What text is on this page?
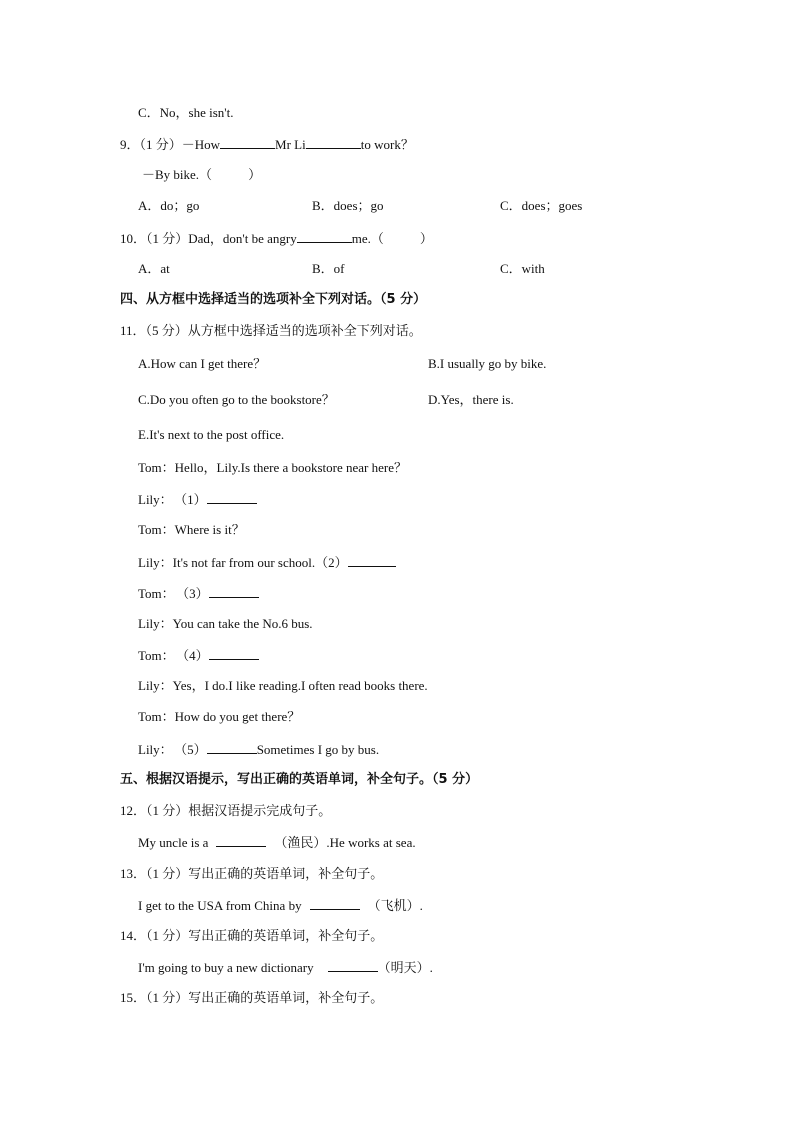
C．No，she isn't.
9．（1 分）－How	Mr Li	to work？
－By bike.（	）
A．do；go	B．does；go	C．does；goes
10．（1 分）Dad，don't be angry	me.（	）
A．at	B．of	C．with
四、从方框中选择适当的选项补全下列对话。（5 分）
11．（5 分）从方框中选择适当的选项补全下列对话。
A.How can I get there？	B.I usually go by bike.
C.Do you often go to the bookstore？	D.Yes，there is.
E.It's next to the post office.
Tom：Hello，Lily.Is there a bookstore near here？
Lily： （1）
Tom：Where is it？
Lily：It's not far from our school.（2）
Tom： （3）
Lily：You can take the No.6 bus.
Tom： （4）
Lily：Yes，I do.I like reading.I often read books there.
Tom：How do you get there？
Lily： （5）	Sometimes I go by bus.
五、根据汉语提示，写出正确的英语单词，补全句子。（5 分）
12．（1 分）根据汉语提示完成句子。
My uncle is a	（渔民）.He works at sea.
13．（1 分）写出正确的英语单词，补全句子。
I get to the USA from China by	（飞机）.
14．（1 分）写出正确的英语单词，补全句子。
I'm going to buy a new dictionary	（明天）.
15．（1 分）写出正确的英语单词，补全句子。
